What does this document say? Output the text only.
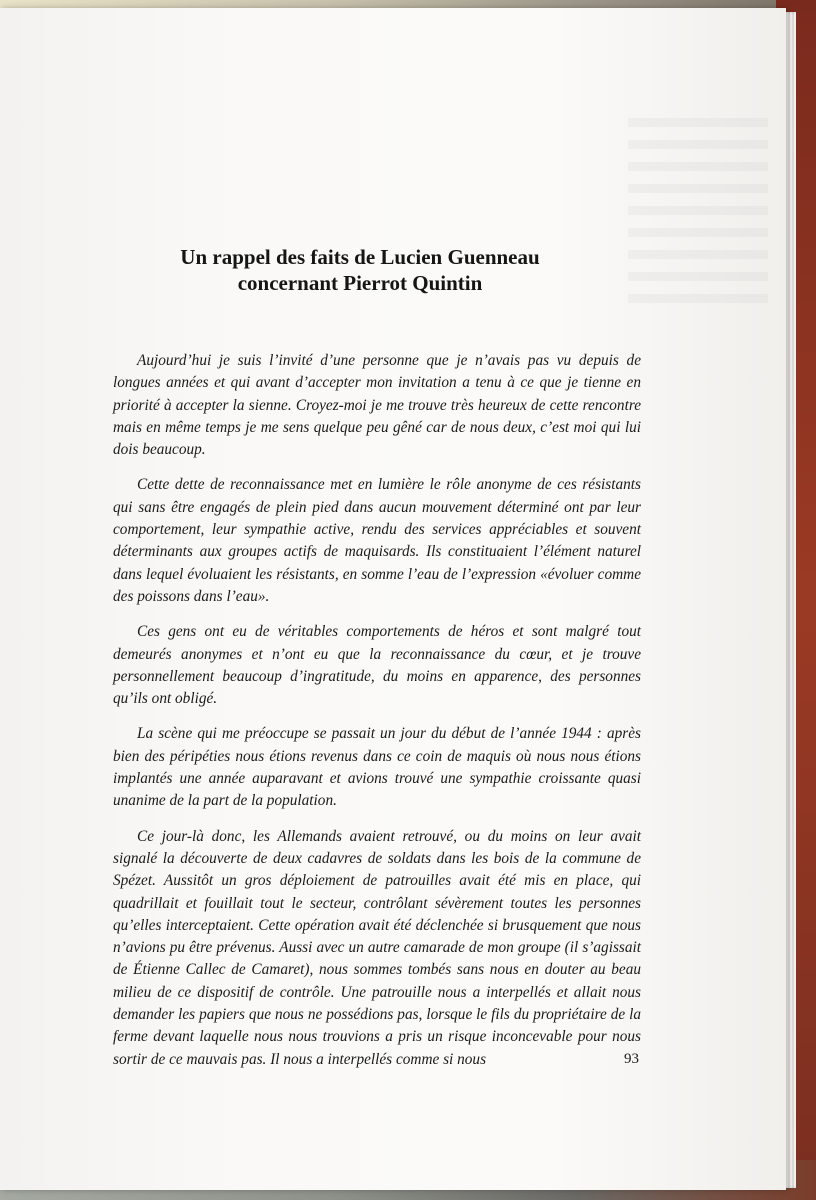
Un rappel des faits de Lucien Guenneau
concernant Pierrot Quintin

Aujourd’hui je suis l’invité d’une personne que je n’avais pas vu depuis de longues années et qui avant d’accepter mon invitation a tenu à ce que je tienne en priorité à accepter la sienne. Croyez-moi je me trouve très heureux de cette rencontre mais en même temps je me sens quelque peu gêné car de nous deux, c’est moi qui lui dois beaucoup.

Cette dette de reconnaissance met en lumière le rôle anonyme de ces résistants qui sans être engagés de plein pied dans aucun mouvement déterminé ont par leur comportement, leur sympathie active, rendu des services appréciables et souvent déterminants aux groupes actifs de maquisards. Ils constituaient l’élément naturel dans lequel évoluaient les résistants, en somme l’eau de l’expression «évoluer comme des poissons dans l’eau».

Ces gens ont eu de véritables comportements de héros et sont malgré tout demeurés anonymes et n’ont eu que la reconnaissance du cœur, et je trouve personnellement beaucoup d’ingratitude, du moins en apparence, des personnes qu’ils ont obligé.

La scène qui me préoccupe se passait un jour du début de l’année 1944 : après bien des péripéties nous étions revenus dans ce coin de maquis où nous nous étions implantés une année auparavant et avions trouvé une sympathie croissante quasi unanime de la part de la population.

Ce jour-là donc, les Allemands avaient retrouvé, ou du moins on leur avait signalé la découverte de deux cadavres de soldats dans les bois de la commune de Spézet. Aussitôt un gros déploiement de patrouilles avait été mis en place, qui quadrillait et fouillait tout le secteur, contrôlant sévèrement toutes les personnes qu’elles interceptaient. Cette opération avait été déclenchée si brusquement que nous n’avions pu être prévenus. Aussi avec un autre camarade de mon groupe (il s’agissait de Étienne Callec de Camaret), nous sommes tombés sans nous en douter au beau milieu de ce dispositif de contrôle. Une patrouille nous a interpellés et allait nous demander les papiers que nous ne possédions pas, lorsque le fils du propriétaire de la ferme devant laquelle nous nous trouvions a pris un risque inconcevable pour nous sortir de ce mauvais pas. Il nous a interpellés comme si nous	93
